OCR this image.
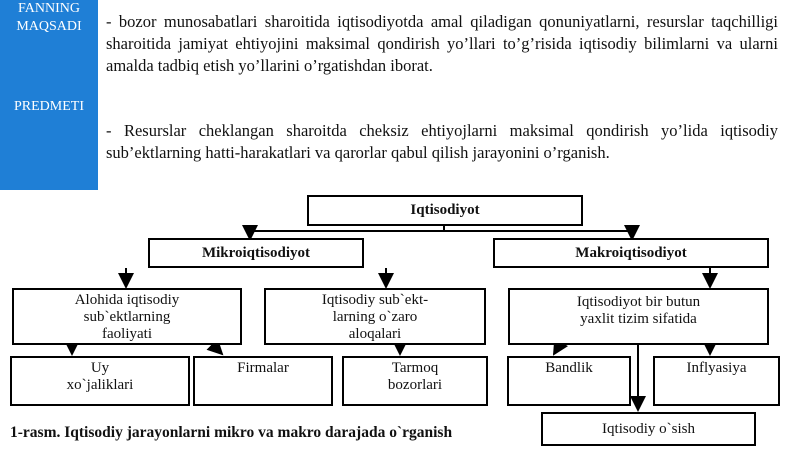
FANNING
MAQSADI
PREDMETI

- bozor munosabatlari sharoitida iqtisodiyotda amal qiladigan qonuniyatlarni, resurslar taqchilligi sharoitida jamiyat ehtiyojini maksimal qondirish yo’llari to’g’risida iqtisodiy bilimlarni va ularni amalda tadbiq etish yo’llarini o’rgatishdan iborat.

- Resurslar cheklangan sharoitda cheksiz ehtiyojlarni maksimal qondirish yo’lida iqtisodiy sub’ektlarning hatti-harakatlari va qarorlar qabul qilish jarayonini o’rganish.

Iqtisodiyot
Mikroiqtisodiyot	Makroiqtisodiyot
Alohida iqtisodiy
sub`ektlarning
faoliyati
Iqtisodiy sub`ekt-
larning o`zaro
aloqalari
Iqtisodiyot bir butun
yaxlit tizim sifatida
Uy
xo`jaliklari
Firmalar	Tarmoq
bozorlari
Bandlik	Inflyasiya
Iqtisodiy o`sish
1-rasm. Iqtisodiy jarayonlarni mikro va makro darajada o`rganish
